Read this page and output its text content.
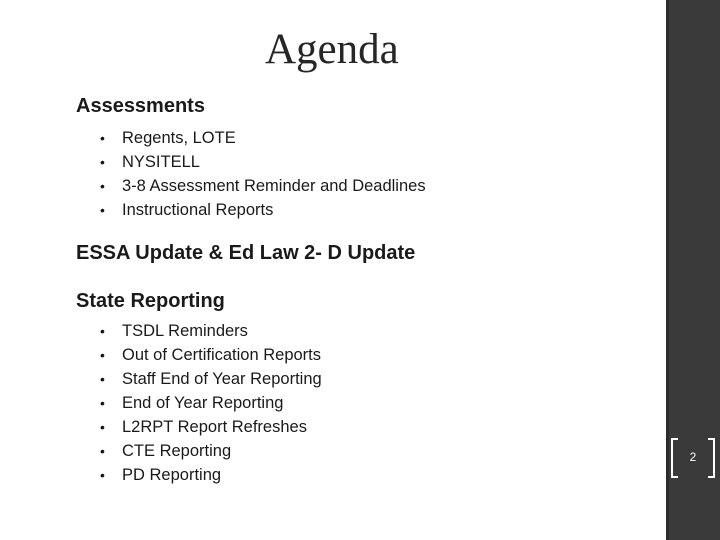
Agenda
Assessments
• Regents, LOTE
• NYSITELL
• 3-8 Assessment Reminder and Deadlines
• Instructional Reports
ESSA Update & Ed Law 2- D Update
State Reporting
• TSDL Reminders
• Out of Certification Reports
• Staff End of Year Reporting
• End of Year Reporting
• L2RPT Report Refreshes
• CTE Reporting
• PD Reporting
2
